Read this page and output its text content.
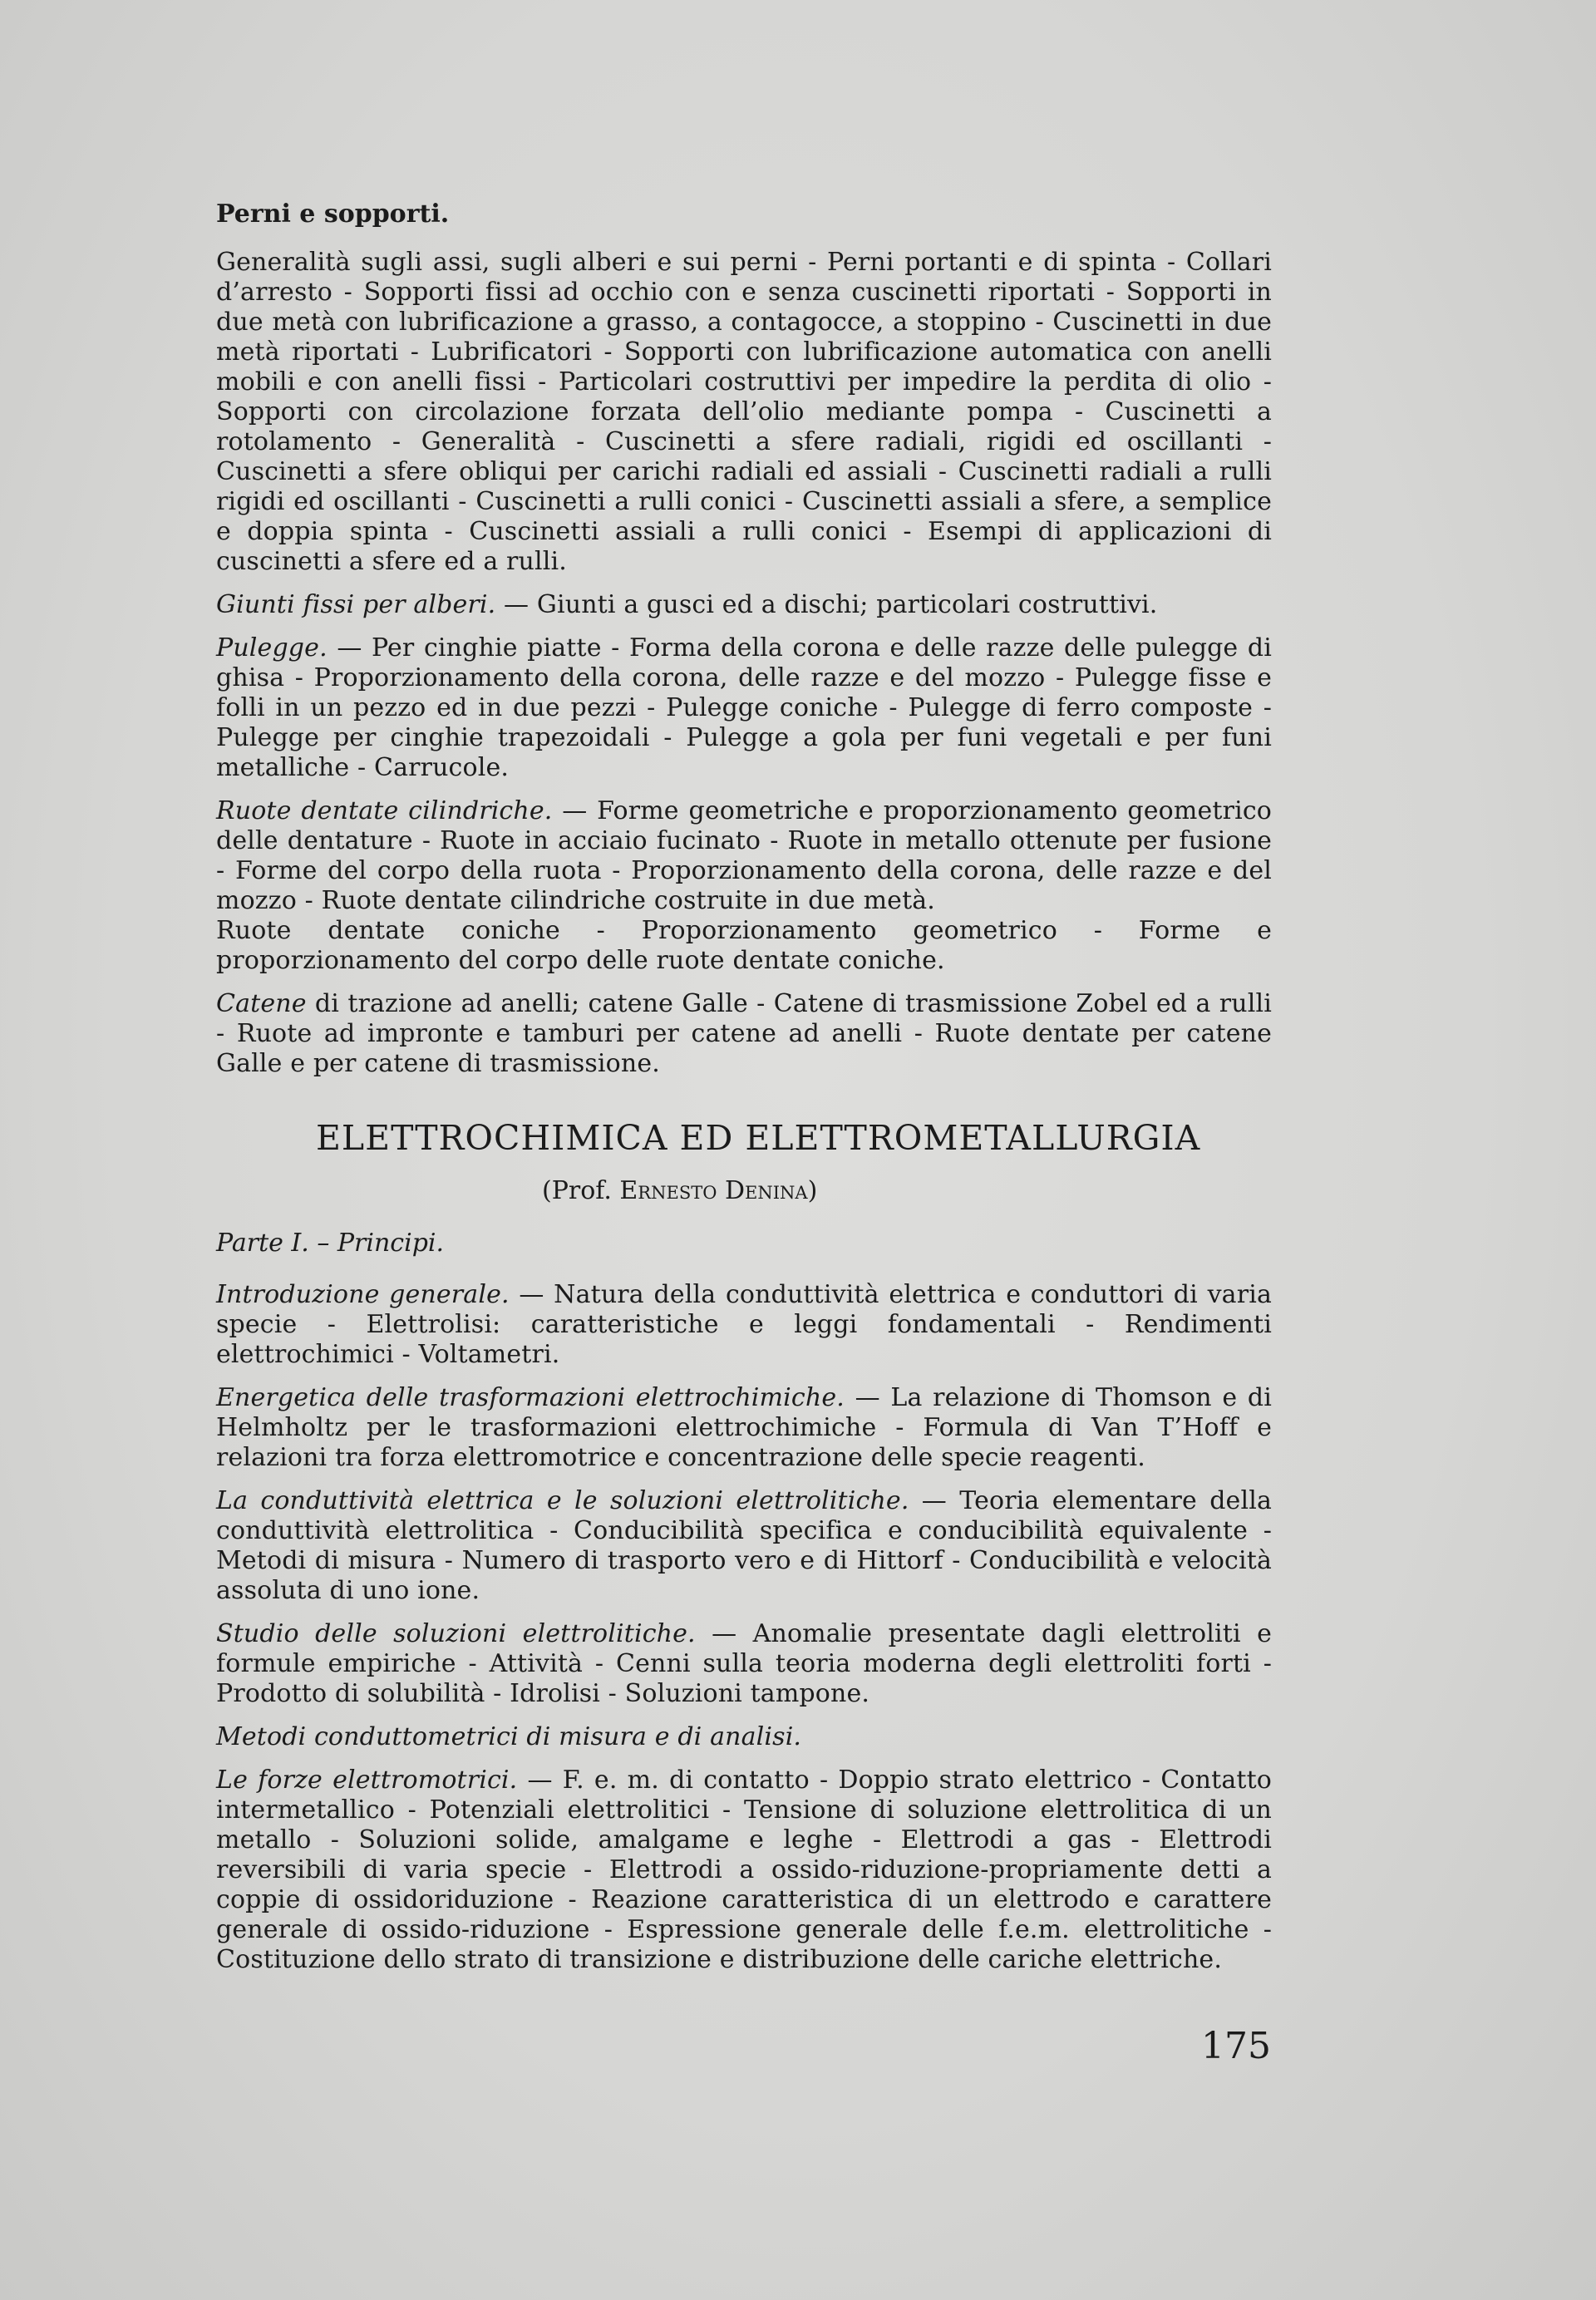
Perni e sopporti.

Generalità sugli assi, sugli alberi e sui perni - Perni portanti e di spinta - Collari d’arresto - Sopporti fissi ad occhio con e senza cuscinetti riportati - Sopporti in due metà con lubrificazione a grasso, a contagocce, a stoppino - Cuscinetti in due metà riportati - Lubrificatori - Sopporti con lubrificazione automatica con anelli mobili e con anelli fissi - Particolari costruttivi per impedire la perdita di olio - Sopporti con circolazione forzata dell’olio mediante pompa - Cuscinetti a rotolamento - Generalità - Cuscinetti a sfere radiali, rigidi ed oscillanti - Cuscinetti a sfere obliqui per carichi radiali ed assiali - Cuscinetti radiali a rulli rigidi ed oscillanti - Cuscinetti a rulli conici - Cuscinetti assiali a sfere, a semplice e doppia spinta - Cuscinetti assiali a rulli conici - Esempi di applicazioni di cuscinetti a sfere ed a rulli.

Giunti fissi per alberi. — Giunti a gusci ed a dischi; particolari costruttivi.

Pulegge. — Per cinghie piatte - Forma della corona e delle razze delle pulegge di ghisa - Proporzionamento della corona, delle razze e del mozzo - Pulegge fisse e folli in un pezzo ed in due pezzi - Pulegge coniche - Pulegge di ferro composte - Pulegge per cinghie trapezoidali - Pulegge a gola per funi vegetali e per funi metalliche - Carrucole.

Ruote dentate cilindriche. — Forme geometriche e proporzionamento geometrico delle dentature - Ruote in acciaio fucinato - Ruote in metallo ottenute per fusione - Forme del corpo della ruota - Proporzionamento della corona, delle razze e del mozzo - Ruote dentate cilindriche costruite in due metà.

Ruote dentate coniche - Proporzionamento geometrico - Forme e proporzionamento del corpo delle ruote dentate coniche.

Catene di trazione ad anelli; catene Galle - Catene di trasmissione Zobel ed a rulli - Ruote ad impronte e tamburi per catene ad anelli - Ruote dentate per catene Galle e per catene di trasmissione.

ELETTROCHIMICA ED ELETTROMETALLURGIA
(Prof. Ernesto Denina)
Parte I. – Principi.

Introduzione generale. — Natura della conduttività elettrica e conduttori di varia specie - Elettrolisi: caratteristiche e leggi fondamentali - Rendimenti elettrochimici - Voltametri.

Energetica delle trasformazioni elettrochimiche. — La relazione di Thomson e di Helmholtz per le trasformazioni elettrochimiche - Formula di Van T’Hoff e relazioni tra forza elettromotrice e concentrazione delle specie reagenti.

La conduttività elettrica e le soluzioni elettrolitiche. — Teoria elementare della conduttività elettrolitica - Conducibilità specifica e conducibilità equivalente - Metodi di misura - Numero di trasporto vero e di Hittorf - Conducibilità e velocità assoluta di uno ione.

Studio delle soluzioni elettrolitiche. — Anomalie presentate dagli elettroliti e formule empiriche - Attività - Cenni sulla teoria moderna degli elettroliti forti - Prodotto di solubilità - Idrolisi - Soluzioni tampone.

Metodi conduttometrici di misura e di analisi.

Le forze elettromotrici. — F. e. m. di contatto - Doppio strato elettrico - Contatto intermetallico - Potenziali elettrolitici - Tensione di soluzione elettrolitica di un metallo - Soluzioni solide, amalgame e leghe - Elettrodi a gas - Elettrodi reversibili di varia specie - Elettrodi a ossido-riduzione-propriamente detti a coppie di ossidoriduzione - Reazione caratteristica di un elettrodo e carattere generale di ossido-riduzione - Espressione generale delle f.e.m. elettrolitiche - Costituzione dello strato di transizione e distribuzione delle cariche elettriche.

175
